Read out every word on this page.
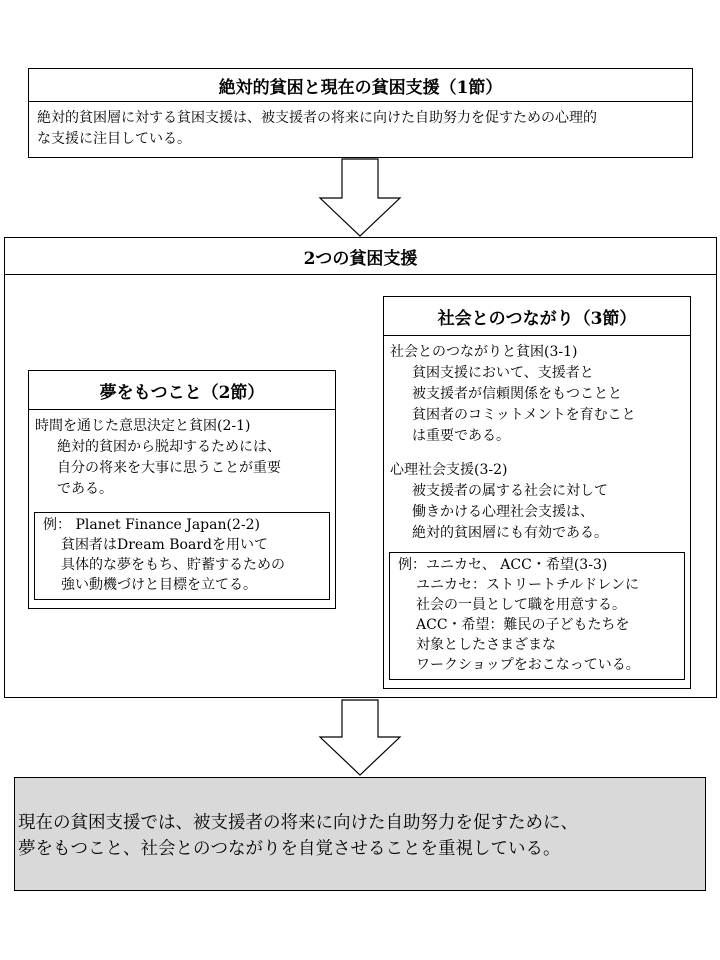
絶対的貧困と現在の貧困支援（1節）

絶対的貧困層に対する貧困支援は、被支援者の将来に向けた自助努力を促すための心理的

な支援に注目している。

2つの貧困支援
夢をもつこと（2節）

時間を通じた意思決定と貧困(2-1)

絶対的貧困から脱却するためには、

自分の将来を大事に思うことが重要

である。

例： Planet Finance Japan(2-2)

貧困者はDream Boardを用いて

具体的な夢をもち、貯蓄するための

強い動機づけと目標を立てる。

社会とのつながり（3節）

社会とのつながりと貧困(3-1)

貧困支援において、支援者と

被支援者が信頼関係をもつことと

貧困者のコミットメントを育むこと

は重要である。

心理社会支援(3-2)

被支援者の属する社会に対して

働きかける心理社会支援は、

絶対的貧困層にも有効である。

例：ユニカセ、 ACC・希望(3-3)

ユニカセ：ストリートチルドレンに

社会の一員として職を用意する。

ACC・希望：難民の子どもたちを

対象としたさまざまな

ワークショップをおこなっている。

現在の貧困支援では、被支援者の将来に向けた自助努力を促すために、

夢をもつこと、社会とのつながりを自覚させることを重視している。
